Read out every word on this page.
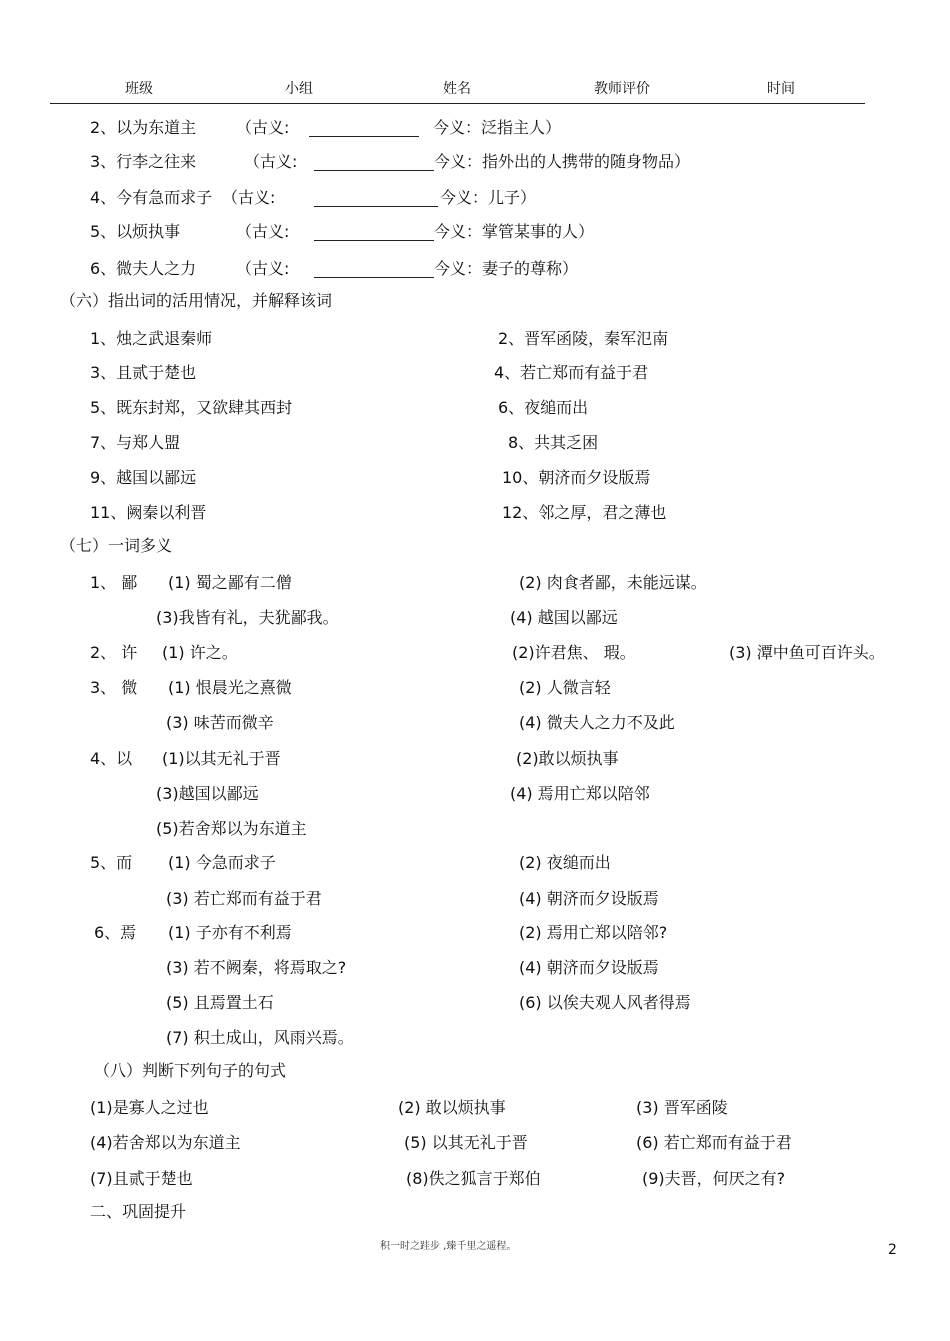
班级	小组	姓名	教师评价	时间
2、以为东道主 （古义:	今义：泛指主人）
3、行李之往来	（古义:	今义：指外出的人携带的随身物品）
4、今有急而求子 （古义:	今义：儿子）
5、以烦执事	（古义:	今义：掌管某事的人）
6、微夫人之力 （古义:	今义：妻子的尊称）
（六）指出词的活用情况，并解释该词
1、烛之武退秦师	2、晋军函陵，秦军氾南
3、且贰于楚也	4、若亡郑而有益于君
5、既东封郑，又欲肆其西封	6、夜缒而出
7、与郑人盟	8、共其乏困
9、越国以鄙远	10、朝济而夕设版焉
11、阙秦以利晋	12、邻之厚，君之薄也
（七）一词多义
1、 鄙 (1) 蜀之鄙有二僧	(2) 肉食者鄙，未能远谋。
(3)我皆有礼，夫犹鄙我。	(4) 越国以鄙远
2、 许 (1) 许之。	(2)许君焦、 瑕。	(3) 潭中鱼可百许头。
3、 微 (1) 恨晨光之熹微	(2) 人微言轻
(3) 味苦而微辛	(4) 微夫人之力不及此
4、以 (1)以其无礼于晋	(2)敢以烦执事
(3)越国以鄙远	(4) 焉用亡郑以陪邻
(5)若舍郑以为东道主
5、而 (1) 今急而求子	(2) 夜缒而出
(3) 若亡郑而有益于君	(4) 朝济而夕设版焉
6、焉 (1) 子亦有不利焉	(2) 焉用亡郑以陪邻?
(3) 若不阙秦，将焉取之?	(4) 朝济而夕设版焉
(5) 且焉置土石	(6) 以俟夫观人风者得焉
(7) 积土成山，风雨兴焉。
（八）判断下列句子的句式
(1)是寡人之过也	(2) 敢以烦执事	(3) 晋军函陵
(4)若舍郑以为东道主	(5) 以其无礼于晋	(6) 若亡郑而有益于君
(7)且贰于楚也	(8)佚之狐言于郑伯	(9)夫晋，何厌之有?
二、巩固提升
积一时之跬步 ,臻千里之遥程。	2
